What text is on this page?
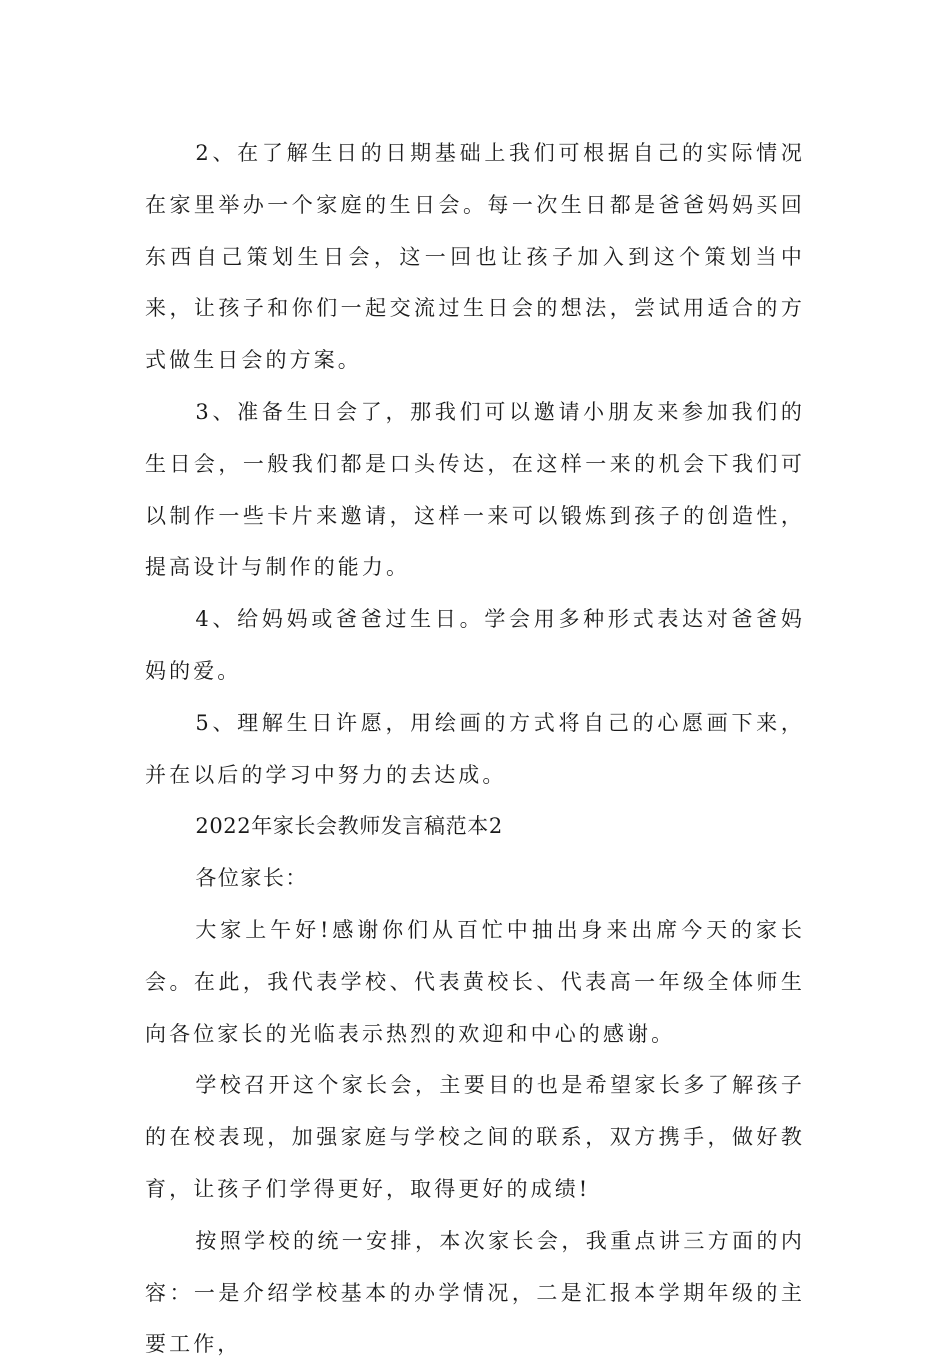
2、在了解生日的日期基础上我们可根据自己的实际情况在家里举办一个家庭的生日会。每一次生日都是爸爸妈妈买回东西自己策划生日会，这一回也让孩子加入到这个策划当中来，让孩子和你们一起交流过生日会的想法，尝试用适合的方式做生日会的方案。

3、准备生日会了，那我们可以邀请小朋友来参加我们的生日会，一般我们都是口头传达，在这样一来的机会下我们可以制作一些卡片来邀请，这样一来可以锻炼到孩子的创造性，提高设计与制作的能力。

4、给妈妈或爸爸过生日。学会用多种形式表达对爸爸妈妈的爱。

5、理解生日许愿，用绘画的方式将自己的心愿画下来，并在以后的学习中努力的去达成。

2022年家长会教师发言稿范本2

各位家长：

大家上午好!感谢你们从百忙中抽出身来出席今天的家长会。在此，我代表学校、代表黄校长、代表高一年级全体师生向各位家长的光临表示热烈的欢迎和中心的感谢。

学校召开这个家长会，主要目的也是希望家长多了解孩子的在校表现，加强家庭与学校之间的联系，双方携手，做好教育，让孩子们学得更好，取得更好的成绩!

按照学校的统一安排，本次家长会，我重点讲三方面的内容：一是介绍学校基本的办学情况，二是汇报本学期年级的主要工作，
